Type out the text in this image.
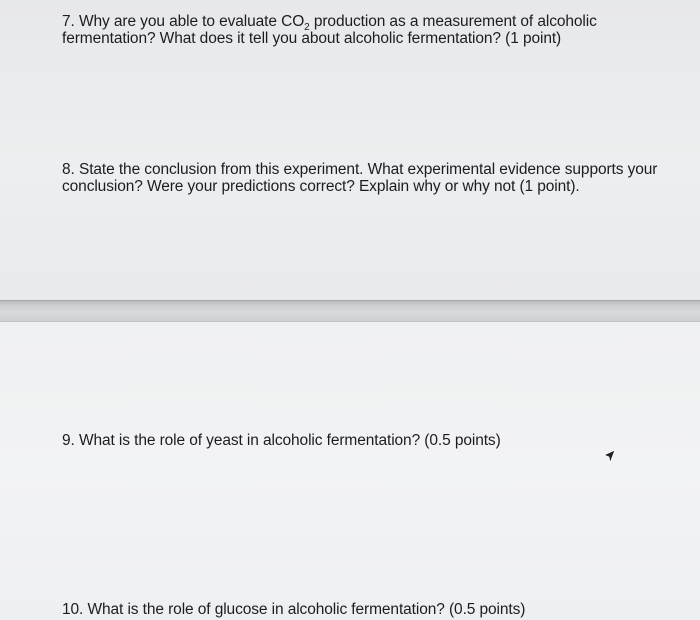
7. Why are you able to evaluate $CO_2$ production as a measurement of alcoholic fermentation? What does it tell you about alcoholic fermentation? (1 point)

8. State the conclusion from this experiment. What experimental evidence supports your conclusion? Were your predictions correct? Explain why or why not (1 point).

9. What is the role of yeast in alcoholic fermentation? (0.5 points)

10. What is the role of glucose in alcoholic fermentation? (0.5 points)
